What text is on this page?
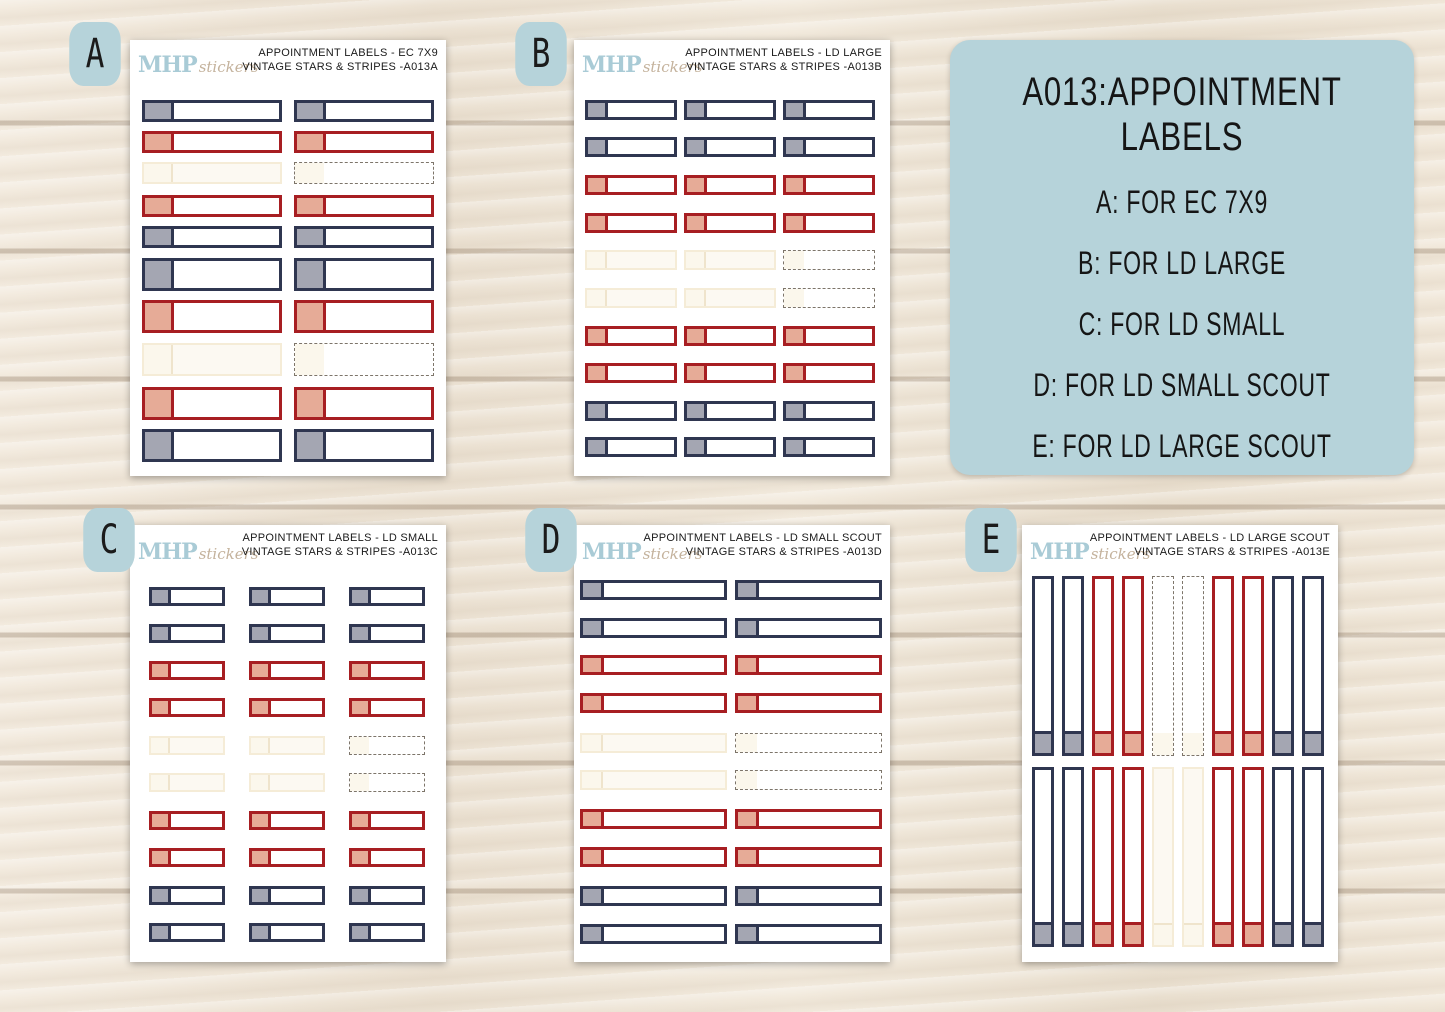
MHP stickers
APPOINTMENT LABELS - EC 7X9
VINTAGE STARS & STRIPES -A013A
A	MHP stickers
APPOINTMENT LABELS - LD LARGE
VINTAGE STARS & STRIPES -A013B
B
A013:APPOINTMENT LABELS
A: FOR EC 7X9
B: FOR LD LARGE
C: FOR LD SMALL
D: FOR LD SMALL SCOUT
E: FOR LD LARGE SCOUT
MHP stickers
APPOINTMENT LABELS - LD SMALL
VINTAGE STARS & STRIPES -A013C
C	MHP stickers
APPOINTMENT LABELS - LD SMALL SCOUT
VINTAGE STARS & STRIPES -A013D
D	MHP stickers
APPOINTMENT LABELS - LD LARGE SCOUT
VINTAGE STARS & STRIPES -A013E
E
